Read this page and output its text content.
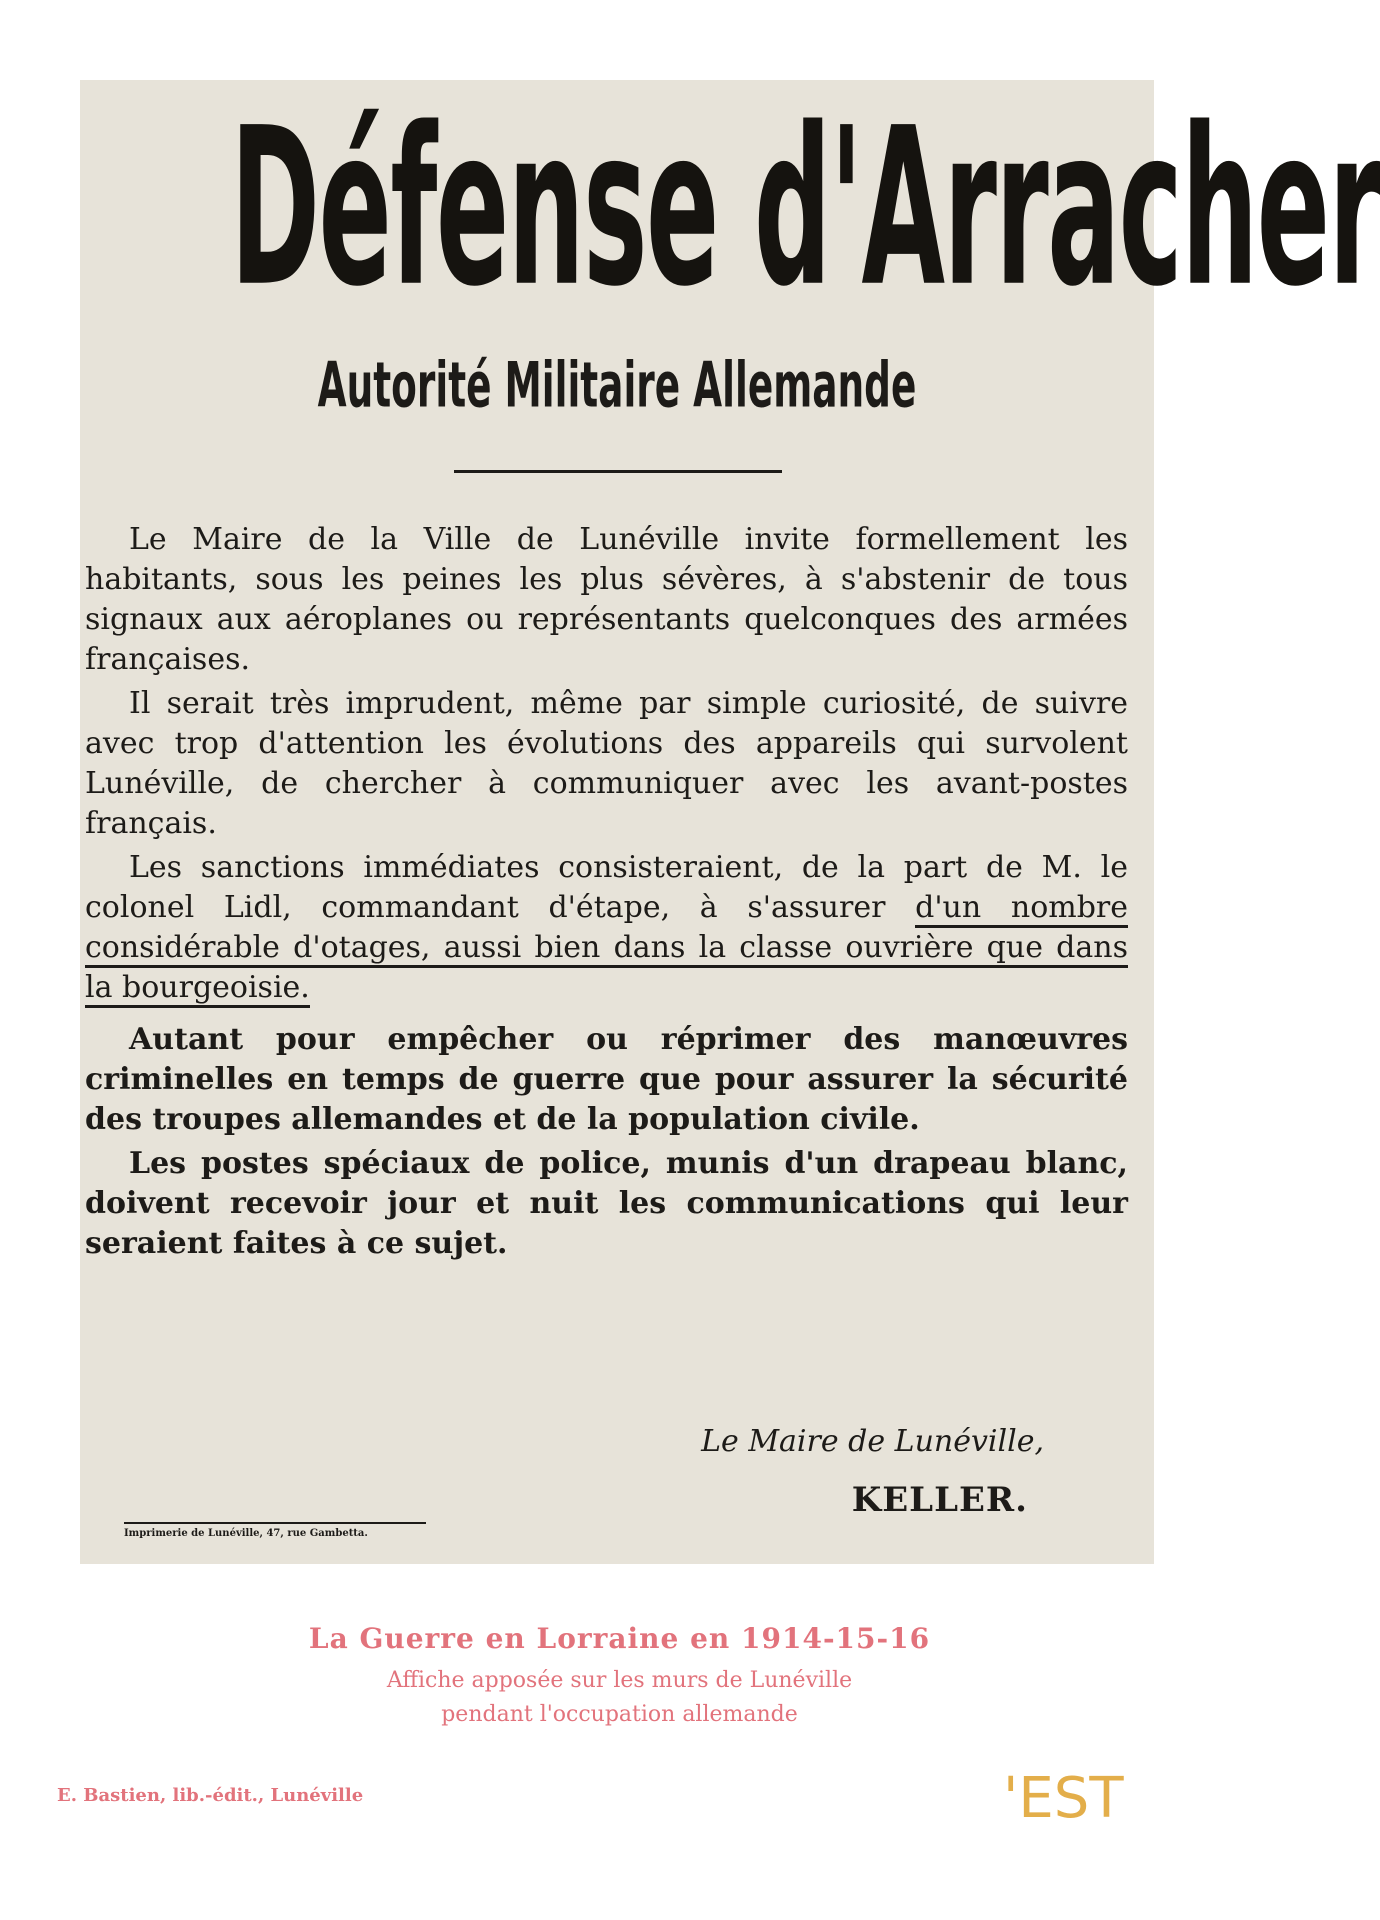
Défense d'Arracher
Autorité Militaire Allemande

Le Maire de la Ville de Lunéville invite formellement les habitants, sous les peines les plus sévères, à s'abstenir de tous signaux aux aéroplanes ou représentants quelconques des armées françaises.

Il serait très imprudent, même par simple curiosité, de suivre avec trop d'attention les évolutions des appareils qui survolent Lunéville, de chercher à communiquer avec les avant-postes français.

Les sanctions immédiates consisteraient, de la part de M. le colonel Lidl, commandant d'étape, à s'assurer d'un nombre considérable d'otages, aussi bien dans la classe ouvrière que dans la bourgeoisie.

Autant pour empêcher ou réprimer des manœuvres criminelles en temps de guerre que pour assurer la sécurité des troupes allemandes et de la population civile.

Les postes spéciaux de police, munis d'un drapeau blanc, doivent recevoir jour et nuit les communications qui leur seraient faites à ce sujet.

Le Maire de Lunéville,
KELLER.
Imprimerie de Lunéville, 47, rue Gambetta.
La Guerre en Lorraine en 1914-15-16
Affiche apposée sur les murs de Lunéville
pendant l'occupation allemande
E. Bastien, lib.-édit., Lunéville	'EST
